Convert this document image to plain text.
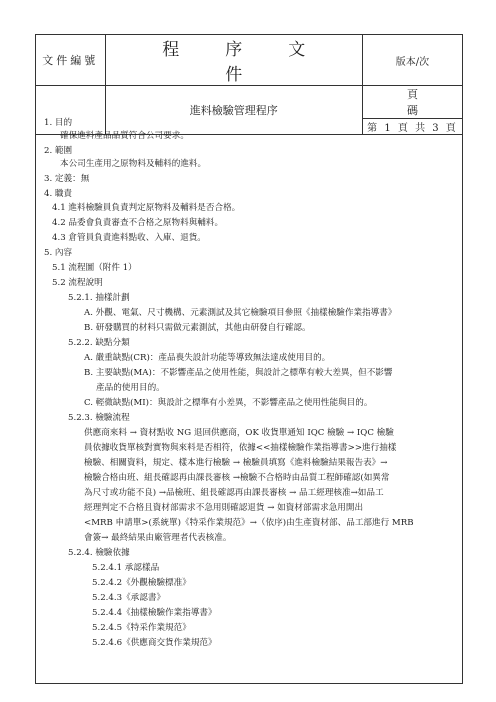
文件編號	程序文件	版本/次
	進料檢驗管理程序	頁碼
		第 1 頁 共 3 頁
1. 目的
確保進料產品品質符合公司要求。
2. 範圍
本公司生產用之原物料及輔料的進料。
3. 定義：無
4. 職責
4.1 進料檢驗員負責判定原物料及輔料是否合格。
4.2 品委會負責審查不合格之原物料與輔料。
4.3 倉管員負責進料點收、入庫、退貨。
5. 內容
5.1 流程圖（附件 1）
5.2 流程說明
5.2.1. 抽樣計劃
A. 外觀、電氣、尺寸機構、元素測試及其它檢驗項目參照《抽樣檢驗作業指導書》
B. 研發購買的材料只需做元素測試，其他由研發自行確認。
5.2.2. 缺點分類
A. 嚴重缺點(CR)：產品喪失設計功能等導致無法達成使用目的。
B. 主要缺點(MA)：不影響產品之使用性能，與設計之標準有較大差異，但不影響
產品的使用目的。
C. 輕微缺點(MI)：與設計之標準有小差異，不影響產品之使用性能與目的。
5.2.3. 檢驗流程
供應商來料 → 資材點收 NG 退回供應商，OK 收貨單通知 IQC 檢驗 → IQC 檢驗
員依據收貨單核對實物與來料是否相符，依據<<抽樣檢驗作業指導書>>進行抽樣
檢驗、相關資料，規定、樣本進行檢驗 → 檢驗員填寫《進料檢驗結果報告表》→
檢驗合格由班、組長確認再由課長審核 →檢驗不合格時由品質工程師確認(如異常
為尺寸或功能不良) →品檢班、組長確認再由課長審核 → 品工經理核准→如品工
經理判定不合格且資材部需求不急用則確認退貨 → 如資材部需求急用開出
<MRB 申請單>(系統單)《特采作業規范》→（依序)由生產資材部、品工部進行 MRB
會簽→ 最終結果由廠管理者代表核准。
5.2.4. 檢驗依據
5.2.4.1 承認樣品
5.2.4.2《外觀檢驗標准》
5.2.4.3《承認書》
5.2.4.4《抽樣檢驗作業指導書》
5.2.4.5《特采作業規范》
5.2.4.6《供應商交貨作業規范》
